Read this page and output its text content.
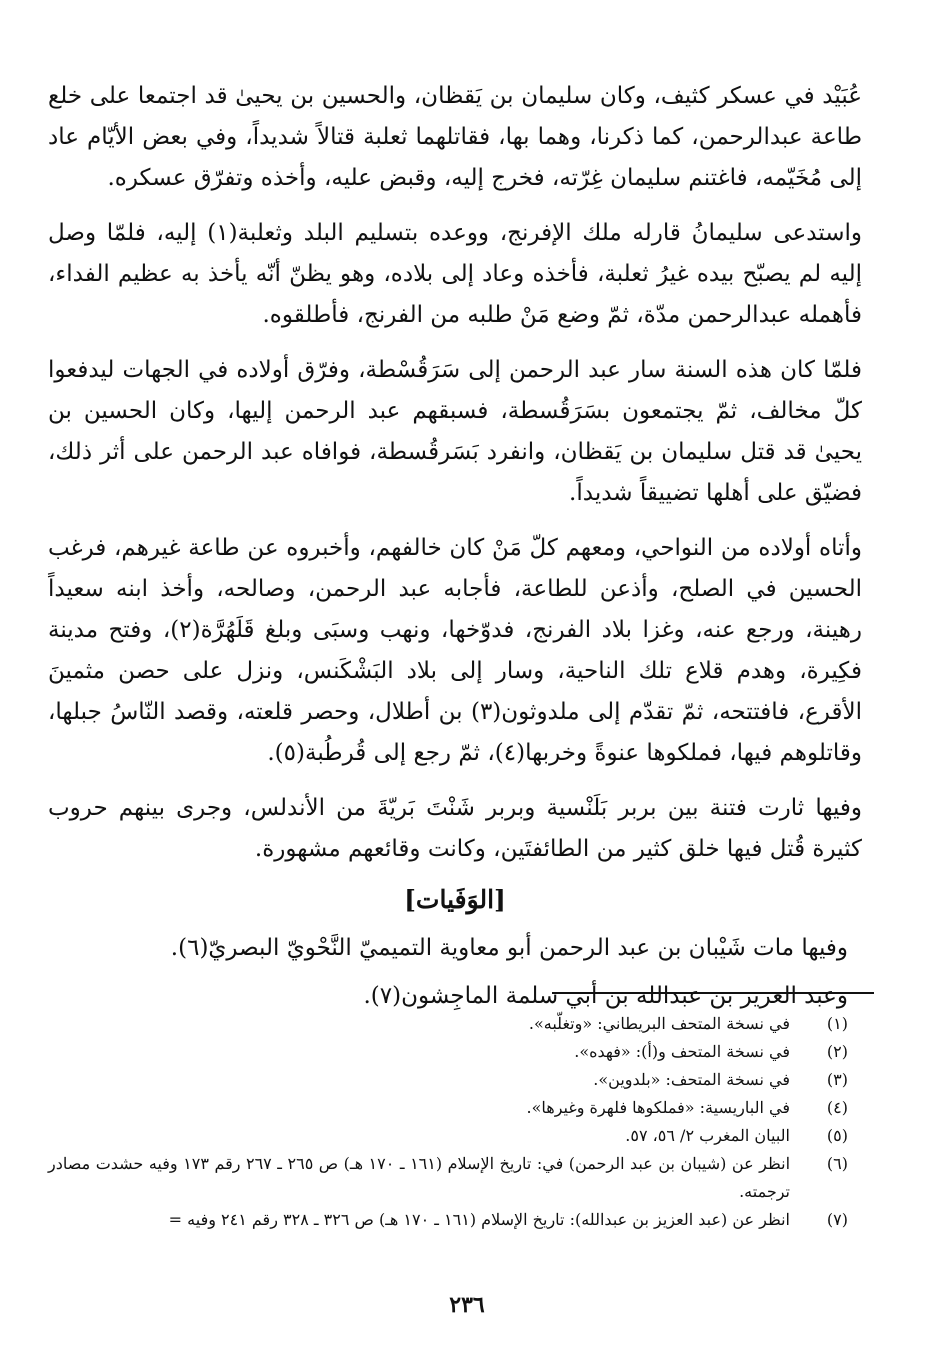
عُبَيْد في عسكر كثيف، وكان سليمان بن يَقظان، والحسين بن يحيىٰ قد اجتمعا على خلع طاعة عبدالرحمن، كما ذكرنا، وهما بها، فقاتلهما ثعلبة قتالاً شديداً، وفي بعض الأيّام عاد إلى مُخَيّمه، فاغتنم سليمان غِرّته، فخرج إليه، وقبض عليه، وأخذه وتفرّق عسكره.

واستدعى سليمانُ قارله ملك الإفرنج، ووعده بتسليم البلد وثعلبة(١) إليه، فلمّا وصل إليه لم يصبّح بيده غيرُ ثعلبة، فأخذه وعاد إلى بلاده، وهو يظنّ أنّه يأخذ به عظيم الفداء، فأهمله عبدالرحمن مدّة، ثمّ وضع مَنْ طلبه من الفرنج، فأطلقوه.

فلمّا كان هذه السنة سار عبد الرحمن إلى سَرَقُسْطة، وفرّق أولاده في الجهات ليدفعوا كلّ مخالف، ثمّ يجتمعون بسَرَقُسطة، فسبقهم عبد الرحمن إليها، وكان الحسين بن يحيىٰ قد قتل سليمان بن يَقظان، وانفرد بَسَرقُسطة، فوافاه عبد الرحمن على أثر ذلك، فضيّق على أهلها تضييقاً شديداً.

وأتاه أولاده من النواحي، ومعهم كلّ مَنْ كان خالفهم، وأخبروه عن طاعة غيرهم، فرغب الحسين في الصلح، وأذعن للطاعة، فأجابه عبد الرحمن، وصالحه، وأخذ ابنه سعيداً رهينة، ورجع عنه، وغزا بلاد الفرنج، فدوّخها، ونهب وسبَى وبلغ قَلَهُرَّة(٢)، وفتح مدينة فكِيرة، وهدم قلاع تلك الناحية، وسار إلى بلاد البَشْكَنس، ونزل على حصن مثمينَ الأقرع، فافتتحه، ثمّ تقدّم إلى ملدوثون(٣) بن أطلال، وحصر قلعته، وقصد النّاسُ جبلها، وقاتلوهم فيها، فملكوها عنوةً وخربها(٤)، ثمّ رجع إلى قُرطُبة(٥).

وفيها ثارت فتنة بين بربر بَلَنْسية وبربر شَنْتَ بَريّةَ من الأندلس، وجرى بينهم حروب كثيرة قُتل فيها خلق كثير من الطائفتَين، وكانت وقائعهم مشهورة.

[الوَفَيات]

وفيها مات شَيْبان بن عبد الرحمن أبو معاوية التميميّ النَّحْويّ البصريّ(٦).

وعبد العزيز بن عبدالله بن أبي سلمة الماجِشون(٧).

(١)
في نسخة المتحف البريطاني: «وتغلّبه».
(٢)
في نسخة المتحف و(أ): «فهده».
(٣)
في نسخة المتحف: «بلدوين».
(٤)
في الباريسية: «فملكوها فلهرة وغيرها».
(٥)
البيان المغرب ٢/ ٥٦، ٥٧.
(٦)
انظر عن (شيبان بن عبد الرحمن) في: تاريخ الإسلام (١٦١ ـ ١٧٠ هـ) ص ٢٦٥ ـ ٢٦٧ رقم ١٧٣ وفيه حشدت مصادر ترجمته.
(٧)
انظر عن (عبد العزيز بن عبدالله): تاريخ الإسلام (١٦١ ـ ١٧٠ هـ) ص ٣٢٦ ـ ٣٢٨ رقم ٢٤١ وفيه =
٢٣٦
